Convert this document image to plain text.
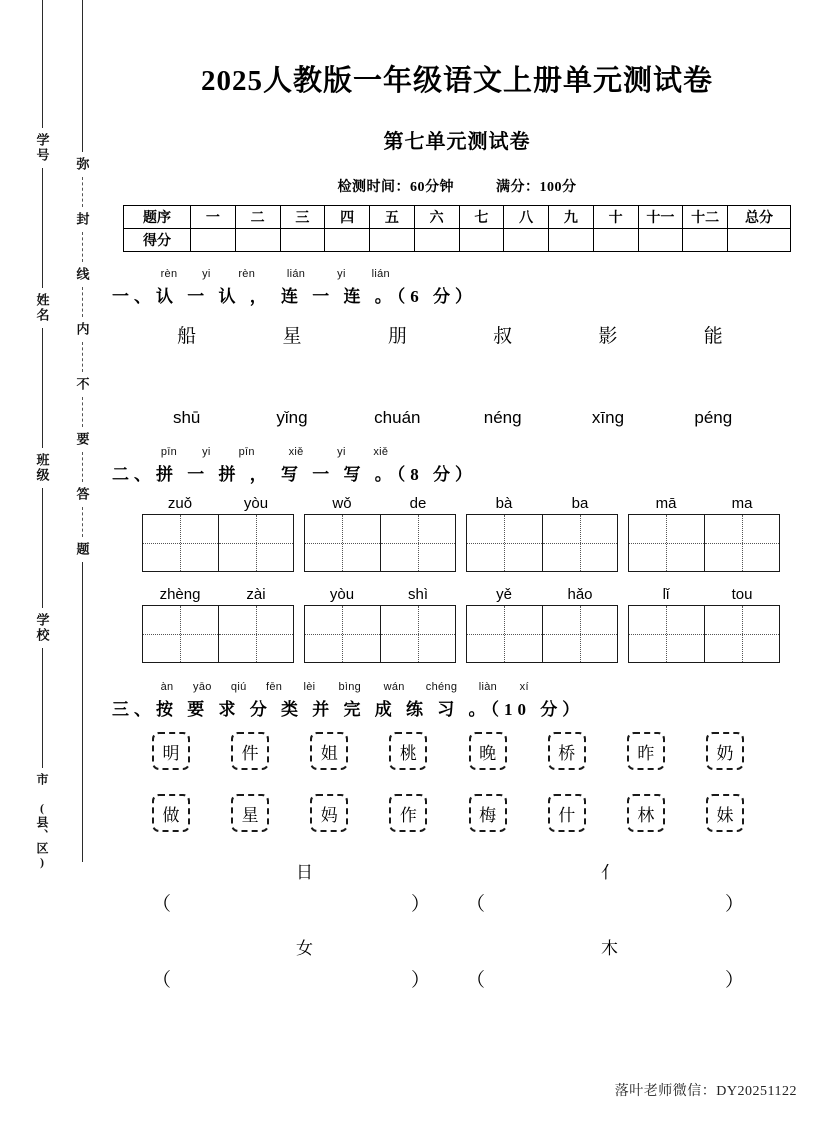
学号
姓名
班级
学校
市 (县、区)
弥
封
线
内
不
要
答
题
2025人教版一年级语文上册单元测试卷
第七单元测试卷
检测时间：60分钟	满分：100分
题序	一	二	三	四	五	六	七	八	九	十	十一	十二	总分
得分													
rèn yi	rèn	lián	yi lián
一、认 一 认 ， 连 一 连 。（6 分）
船	星	朋	叔	影	能
shū	yǐng	chuán	néng	xīng	péng
pīn yi	pīn	xiě	yi	xiě
二、拼 一 拼 ， 写 一 写 。（8 分）
zuǒ	yòu	wǒ	de	bà	ba	mā	ma
zhèng	zài	yòu	shì	yě	hǎo	lǐ	tou
àn yāo qiú fēn lèi bìng wán chéng liàn xí
三、按 要 求 分 类 并 完 成 练 习 。（10 分）
明	件	姐	桃	晚	桥	昨	奶
做	星	妈	作	梅	什	林	妹
日	亻
（	） （	）
女	木
（	） （	）
落叶老师微信：DY20251122
